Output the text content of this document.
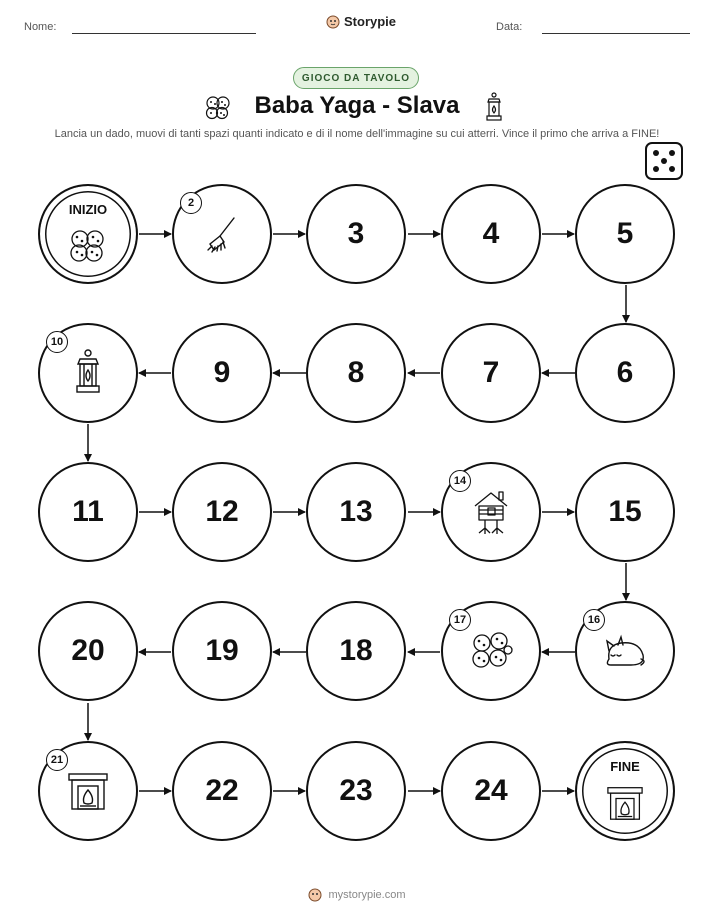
Nome:	Storypie	Data:
GIOCO DA TAVOLO
Baba Yaga - Slava
Lancia un dado, muovi di tanti spazi quanti indicato e di il nome dell'immagine su cui atterri. Vince il primo che arriva a FINE!
INIZIO	2
3	4	5
6
7
8
9
10
11	12	13
14
15
16
17
18
19
20
21
22	23	24
FINE
mystorypie.com
